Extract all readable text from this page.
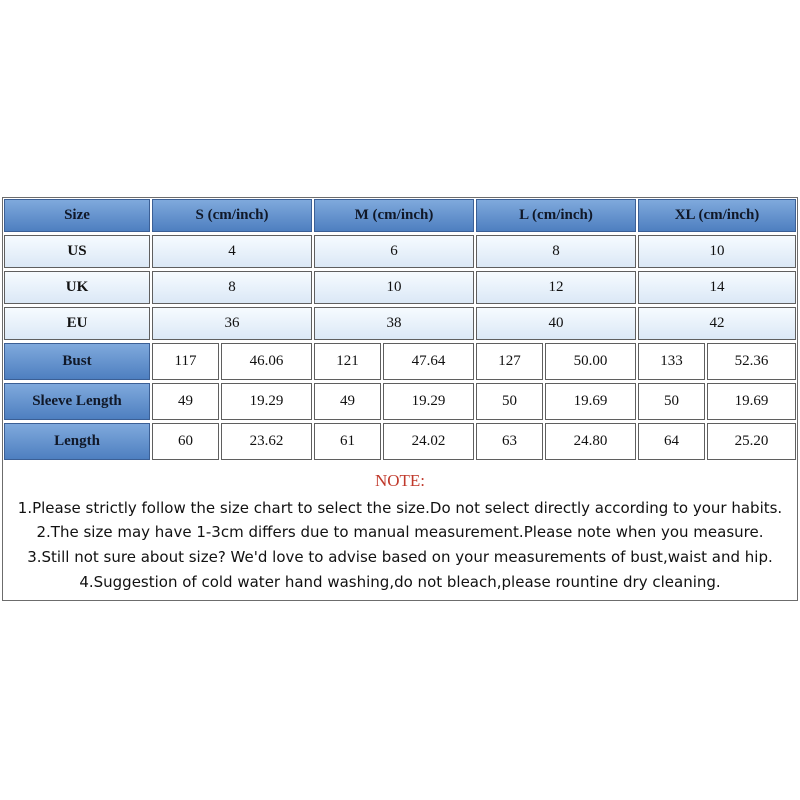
Size	S (cm/inch)	M (cm/inch)	L (cm/inch)	XL (cm/inch)
US	4	6	8	10
UK	8	10	12	14
EU	36	38	40	42
Bust	117	46.06	121	47.64	127	50.00	133	52.36
Sleeve Length	49	19.29	49	19.29	50	19.69	50	19.69
Length	60	23.62	61	24.02	63	24.80	64	25.20
NOTE:
1.Please strictly follow the size chart to select the size.Do not select directly according to your habits.
2.The size may have 1-3cm differs due to manual measurement.Please note when you measure.
3.Still not sure about size? We'd love to advise based on your measurements of bust,waist and hip.
4.Suggestion of cold water hand washing,do not bleach,please rountine dry cleaning.
